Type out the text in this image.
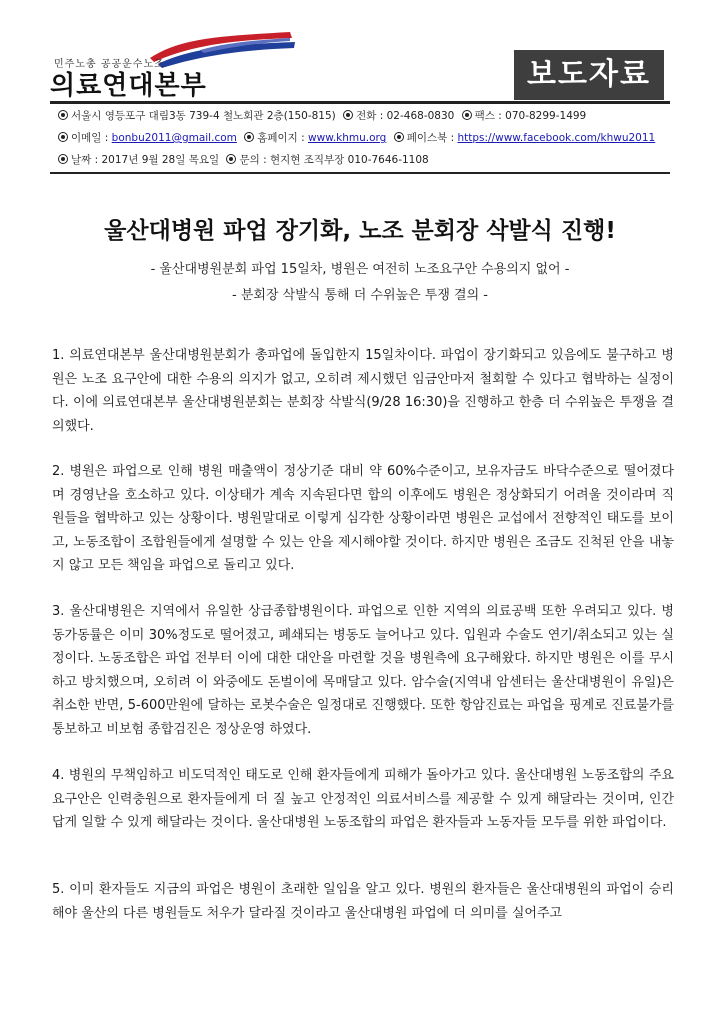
민주노총 공공운수노조
의료연대본부	보도자료
서울시 영등포구 대림3동 739-4 철노회관 2층(150-815) 전화 : 02-468-0830 팩스 : 070-8299-1499
이메일 : bonbu2011@gmail.com 홈페이지 : www.khmu.org 페이스북 : https://www.facebook.com/khwu2011
날짜 : 2017년 9월 28일 목요일 문의 : 현지현 조직부장 010-7646-1108
울산대병원 파업 장기화, 노조 분회장 삭발식 진행!
- 울산대병원분회 파업 15일차, 병원은 여전히 노조요구안 수용의지 없어 -
- 분회장 삭발식 통해 더 수위높은 투쟁 결의 -
1. 의료연대본부 울산대병원분회가 총파업에 돌입한지 15일차이다. 파업이 장기화되고 있음에도 불구하고 병원은 노조 요구안에 대한 수용의 의지가 없고, 오히려 제시했던 임금안마저 철회할 수 있다고 협박하는 실정이다. 이에 의료연대본부 울산대병원분회는 분회장 삭발식(9/28 16:30)을 진행하고 한층 더 수위높은 투쟁을 결의했다.
2. 병원은 파업으로 인해 병원 매출액이 정상기준 대비 약 60%수준이고, 보유자금도 바닥수준으로 떨어졌다며 경영난을 호소하고 있다. 이상태가 계속 지속된다면 합의 이후에도 병원은 정상화되기 어려울 것이라며 직원들을 협박하고 있는 상황이다. 병원말대로 이렇게 심각한 상황이라면 병원은 교섭에서 전향적인 태도를 보이고, 노동조합이 조합원들에게 설명할 수 있는 안을 제시해야할 것이다. 하지만 병원은 조금도 진척된 안을 내놓지 않고 모든 책임을 파업으로 돌리고 있다.
3. 울산대병원은 지역에서 유일한 상급종합병원이다. 파업으로 인한 지역의 의료공백 또한 우려되고 있다. 병동가동률은 이미 30%정도로 떨어졌고, 폐쇄되는 병동도 늘어나고 있다. 입원과 수술도 연기/취소되고 있는 실정이다. 노동조합은 파업 전부터 이에 대한 대안을 마련할 것을 병원측에 요구해왔다. 하지만 병원은 이를 무시하고 방치했으며, 오히려 이 와중에도 돈벌이에 목매달고 있다. 암수술(지역내 암센터는 울산대병원이 유일)은 취소한 반면, 5-600만원에 달하는 로봇수술은 일정대로 진행했다. 또한 항암진료는 파업을 핑계로 진료불가를 통보하고 비보험 종합검진은 정상운영 하였다.
4. 병원의 무책임하고 비도덕적인 태도로 인해 환자들에게 피해가 돌아가고 있다. 울산대병원 노동조합의 주요 요구안은 인력충원으로 환자들에게 더 질 높고 안정적인 의료서비스를 제공할 수 있게 해달라는 것이며, 인간답게 일할 수 있게 해달라는 것이다. 울산대병원 노동조합의 파업은 환자들과 노동자들 모두를 위한 파업이다.
5. 이미 환자들도 지금의 파업은 병원이 초래한 일임을 알고 있다. 병원의 환자들은 울산대병원의 파업이 승리해야 울산의 다른 병원들도 처우가 달라질 것이라고 울산대병원 파업에 더 의미를 실어주고
